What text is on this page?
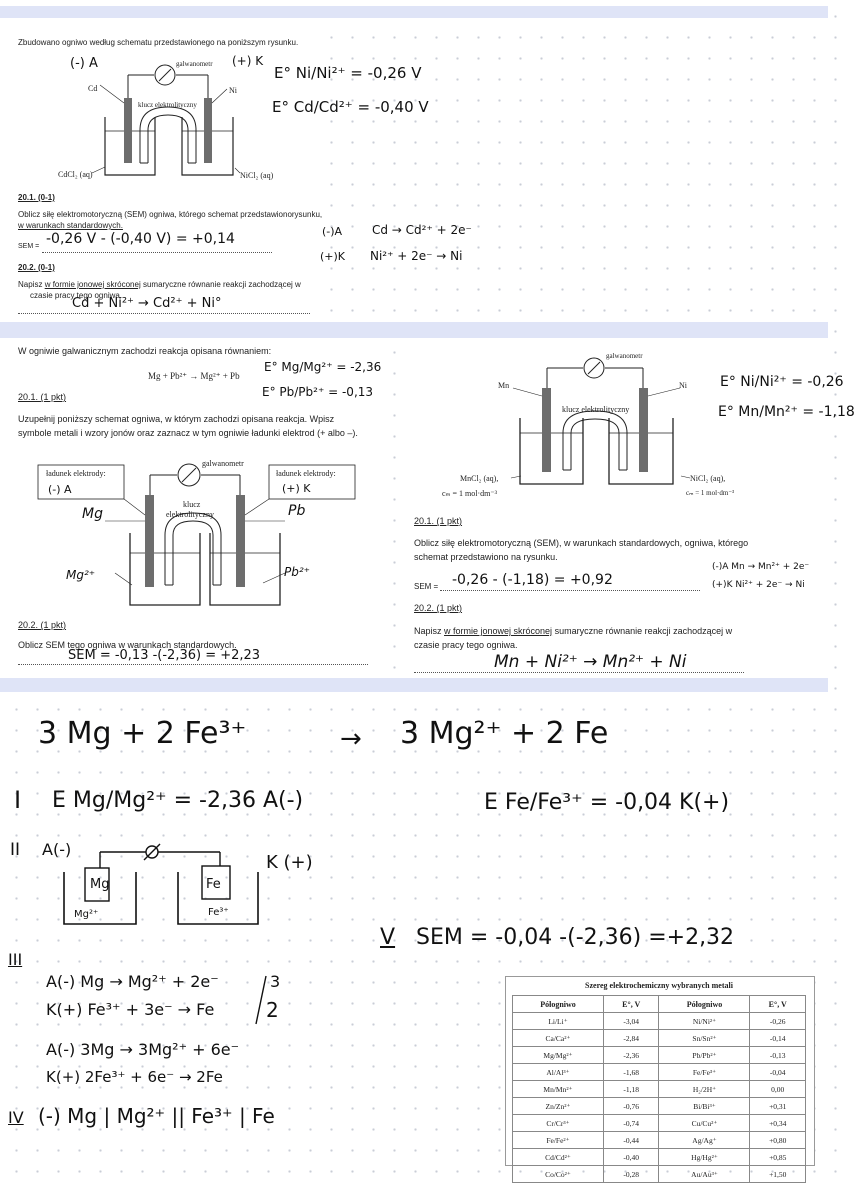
Zbudowano ogniwo według schematu przedstawionego na poniższym rysunku.
galwanometr
Cd	Ni
klucz elektrolityczny
CdCl₂ (aq)	NiCl₂ (aq)
(-) A	(+) K
E° Ni/Ni²⁺ = -0,26 V
E° Cd/Cd²⁺ = -0,40 V
20.1. (0-1)
Oblicz siłę elektromotoryczną (SEM) ogniwa, którego schemat przedstawionorysunku,
w warunkach standardowych.
SEM = -0,26 V - (-0,40 V) = +0,14	(-)A Cd → Cd²⁺ + 2e⁻
(+)K Ni²⁺ + 2e⁻ → Ni
20.2. (0-1)
Napisz w formie jonowej skróconej sumaryczne równanie reakcji zachodzącej w
czasie pracy tego ogniwa.
Cd + Ni²⁺ → Cd²⁺ + Ni°
W ogniwie galwanicznym zachodzi reakcja opisana równaniem:
Mg + Pb²⁺ → Mg²⁺ + Pb
E° Mg/Mg²⁺ = -2,36
E° Pb/Pb²⁺ = -0,13
20.1. (1 pkt)
Uzupełnij poniższy schemat ogniwa, w którym zachodzi opisana reakcja. Wpisz
symbole metali i wzory jonów oraz zaznacz w tym ogniwie ładunki elektrod (+ albo –).
galwanometr
ładunek elektrody:
(-) A
ładunek elektrody:
(+) K
klucz
elektrolityczny
Mg	Pb
Mg²⁺	Pb²⁺
20.2. (1 pkt)
Oblicz SEM tego ogniwa w warunkach standardowych.
SEM = -0,13 -(-2,36) = +2,23
galwanometr
Mn	Ni
klucz elektrolityczny
MnCl₂ (aq),
cₘ = 1 mol·dm⁻³
NiCl₂ (aq),
cₘ = 1 mol·dm⁻³
E° Ni/Ni²⁺ = -0,26
E° Mn/Mn²⁺ = -1,18
20.1. (1 pkt)
Oblicz siłę elektromotoryczną (SEM), w warunkach standardowych, ogniwa, którego
schemat przedstawiono na rysunku.
(-)A Mn → Mn²⁺ + 2e⁻
(+)K Ni²⁺ + 2e⁻ → Ni
SEM = -0,26 - (-1,18) = +0,92
20.2. (1 pkt)
Napisz w formie jonowej skróconej sumaryczne równanie reakcji zachodzącej w
czasie pracy tego ogniwa.
Mn + Ni²⁺ → Mn²⁺ + Ni
3 Mg + 2 Fe³⁺	→ 3 Mg²⁺ + 2 Fe
I E Mg/Mg²⁺ = -2,36 A(-)	E Fe/Fe³⁺ = -0,04 K(+)
II A(-)
K (+)
Mg	Fe
Mg²⁺	Fe³⁺
V SEM = -0,04 -(-2,36) =+2,32
III
A(-) Mg → Mg²⁺ + 2e⁻
K(+) Fe³⁺ + 3e⁻ → Fe
3
2
A(-) 3Mg → 3Mg²⁺ + 6e⁻
K(+) 2Fe³⁺ + 6e⁻ → 2Fe
IV (-) Mg | Mg²⁺ || Fe³⁺ | Fe
Szereg elektrochemiczny wybranych metali
Półogniwo	E°, V	Półogniwo	E°, V
Li/Li⁺	-3,04	Ni/Ni²⁺	-0,26
Ca/Ca²⁺	-2,84	Sn/Sn²⁺	-0,14
Mg/Mg²⁺	-2,36	Pb/Pb²⁺	-0,13
Al/Al³⁺	-1,68	Fe/Fe³⁺	-0,04
Mn/Mn²⁺	-1,18	H₂/2H⁺	0,00
Zn/Zn²⁺	-0,76	Bi/Bi³⁺	+0,31
Cr/Cr³⁺	-0,74	Cu/Cu²⁺	+0,34
Fe/Fe²⁺	-0,44	Ag/Ag⁺	+0,80
Cd/Cd²⁺	-0,40	Hg/Hg²⁺	+0,85
Co/Co²⁺	-0,28	Au/Au³⁺	+1,50
